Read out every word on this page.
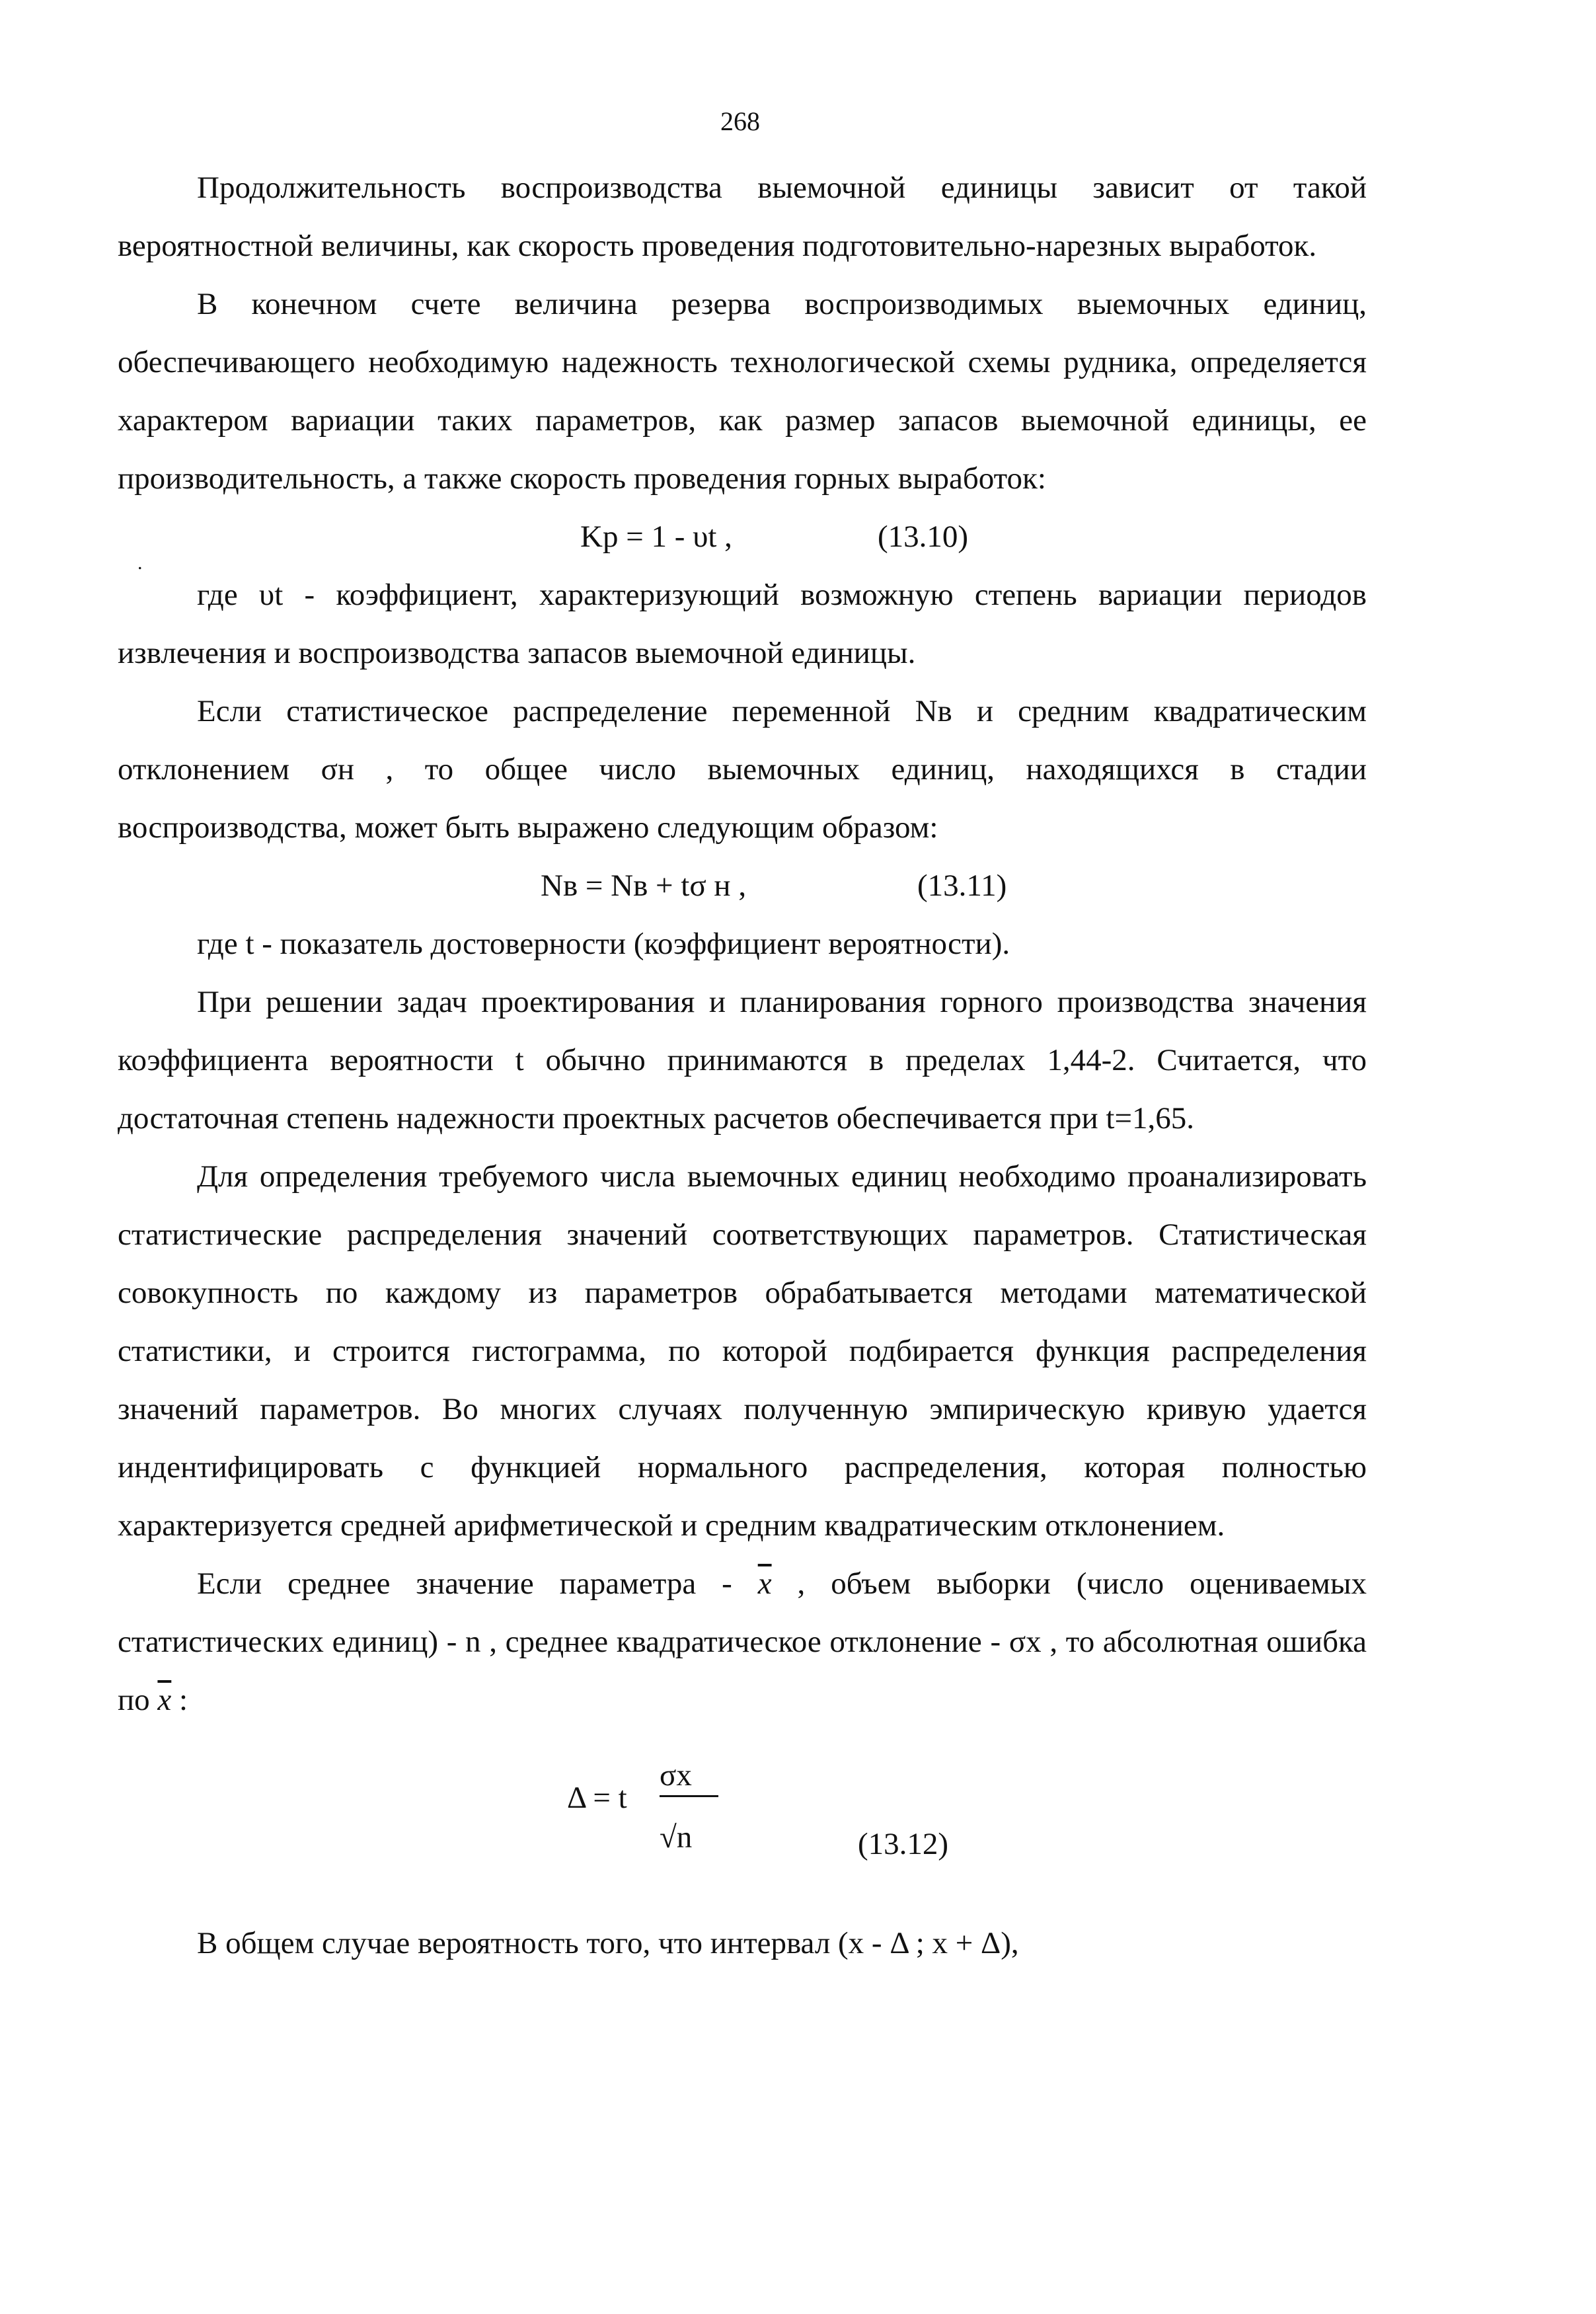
268

Продолжительность воспроизводства выемочной единицы зависит от такой вероятностной величины, как скорость проведения подготовительно-нарезных выработок.

В конечном счете величина резерва воспроизводимых выемочных единиц, обеспечивающего необходимую надежность технологической схемы рудника, определяется характером вариации таких параметров, как размер запасов выемочной единицы, ее производительность, а также скорость проведения горных выработок:

.
Kp = 1 - υt ,	(13.10)

где υt - коэффициент, характеризующий возможную степень вариации периодов извлечения и воспроизводства запасов выемочной единицы.

Если статистическое распределение переменной Nв и средним квадратическим отклонением σн , то общее число выемочных единиц, находящихся в стадии воспроизводства, может быть выражено следующим образом:

Nв = Nв + tσ н ,	(13.11)

где t - показатель достоверности (коэффициент вероятности).

При решении задач проектирования и планирования горного производства значения коэффициента вероятности t обычно принимаются в пределах 1,44-2. Считается, что достаточная степень надежности проектных расчетов обеспечивается при t=1,65.

Для определения требуемого числа выемочных единиц необходимо проанализировать статистические распределения значений соответствующих параметров. Статистическая совокупность по каждому из параметров обрабатывается методами математической статистики, и строится гистограмма, по которой подбирается функция распределения значений параметров. Во многих случаях полученную эмпирическую кривую удается индентифицировать с функцией нормального распределения, которая полностью характеризуется средней арифметической и средним квадратическим отклонением.

Если среднее значение параметра - $\overline{x}$ , объем выборки (число оцениваемых статистических единиц) - n , среднее квадратическое отклонение - σx , то абсолютная ошибка по $\overline{x}$ :

Δ = t
σx
√n	(13.12)

В общем случае вероятность того, что интервал (x - Δ ; x + Δ),
